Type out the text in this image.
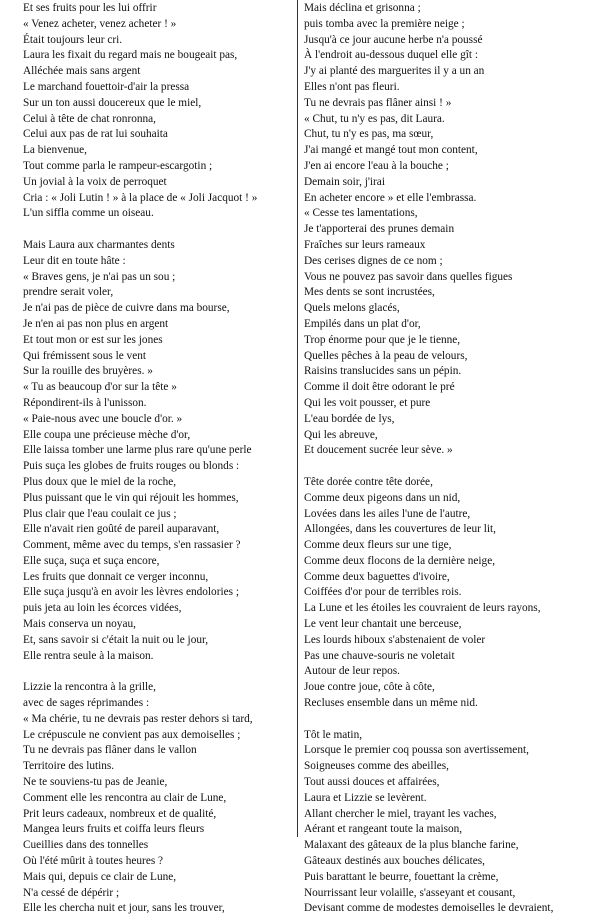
Et ses fruits pour les lui offrir
« Venez acheter, venez acheter ! »
Était toujours leur cri.
Laura les fixait du regard mais ne bougeait pas,
Alléchée mais sans argent
Le marchand fouettoir-d'air la pressa
Sur un ton aussi doucereux que le miel,
Celui à tête de chat ronronna,
Celui aux pas de rat lui souhaita
La bienvenue,
Tout comme parla le rampeur-escargotin ;
Un jovial à la voix de perroquet
Cria : « Joli Lutin ! » à la place de « Joli Jacquot ! »
L'un siffla comme un oiseau.
Mais Laura aux charmantes dents
Leur dit en toute hâte :
« Braves gens, je n'ai pas un sou ;
prendre serait voler,
Je n'ai pas de pièce de cuivre dans ma bourse,
Je n'en ai pas non plus en argent
Et tout mon or est sur les jones
Qui frémissent sous le vent
Sur la rouille des bruyères. »
« Tu as beaucoup d'or sur la tête »
Répondirent-ils à l'unisson.
« Paie-nous avec une boucle d'or. »
Elle coupa une précieuse mèche d'or,
Elle laissa tomber une larme plus rare qu'une perle
Puis suça les globes de fruits rouges ou blonds :
Plus doux que le miel de la roche,
Plus puissant que le vin qui réjouit les hommes,
Plus clair que l'eau coulait ce jus ;
Elle n'avait rien goûté de pareil auparavant,
Comment, même avec du temps, s'en rassasier ?
Elle suça, suça et suça encore,
Les fruits que donnait ce verger inconnu,
Elle suça jusqu'à en avoir les lèvres endolories ;
puis jeta au loin les écorces vidées,
Mais conserva un noyau,
Et, sans savoir si c'était la nuit ou le jour,
Elle rentra seule à la maison.
Lizzie la rencontra à la grille,
avec de sages réprimandes :
« Ma chérie, tu ne devrais pas rester dehors si tard,
Le crépuscule ne convient pas aux demoiselles ;
Tu ne devrais pas flâner dans le vallon
Territoire des lutins.
Ne te souviens-tu pas de Jeanie,
Comment elle les rencontra au clair de Lune,
Prit leurs cadeaux, nombreux et de qualité,
Mangea leurs fruits et coiffa leurs fleurs
Cueillies dans des tonnelles
Où l'été mûrit à toutes heures ?
Mais qui, depuis ce clair de Lune,
N'a cessé de dépérir ;
Elle les chercha nuit et jour, sans les trouver,
Mais déclina et grisonna ;
puis tomba avec la première neige ;
Jusqu'à ce jour aucune herbe n'a poussé
À l'endroit au-dessous duquel elle gît :
J'y ai planté des marguerites il y a un an
Elles n'ont pas fleuri.
Tu ne devrais pas flâner ainsi ! »
« Chut, tu n'y es pas, dit Laura.
Chut, tu n'y es pas, ma sœur,
J'ai mangé et mangé tout mon content,
J'en ai encore l'eau à la bouche ;
Demain soir, j'irai
En acheter encore » et elle l'embrassa.
« Cesse tes lamentations,
Je t'apporterai des prunes demain
Fraîches sur leurs rameaux
Des cerises dignes de ce nom ;
Vous ne pouvez pas savoir dans quelles figues
Mes dents se sont incrustées,
Quels melons glacés,
Empilés dans un plat d'or,
Trop énorme pour que je le tienne,
Quelles pêches à la peau de velours,
Raisins translucides sans un pépin.
Comme il doit être odorant le pré
Qui les voit pousser, et pure
L'eau bordée de lys,
Qui les abreuve,
Et doucement sucrée leur sève. »
Tête dorée contre tête dorée,
Comme deux pigeons dans un nid,
Lovées dans les ailes l'une de l'autre,
Allongées, dans les couvertures de leur lit,
Comme deux fleurs sur une tige,
Comme deux flocons de la dernière neige,
Comme deux baguettes d'ivoire,
Coiffées d'or pour de terribles rois.
La Lune et les étoiles les couvraient de leurs rayons,
Le vent leur chantait une berceuse,
Les lourds hiboux s'abstenaient de voler
Pas une chauve-souris ne voletait
Autour de leur repos.
Joue contre joue, côte à côte,
Recluses ensemble dans un même nid.
Tôt le matin,
Lorsque le premier coq poussa son avertissement,
Soigneuses comme des abeilles,
Tout aussi douces et affairées,
Laura et Lizzie se levèrent.
Allant chercher le miel, trayant les vaches,
Aérant et rangeant toute la maison,
Malaxant des gâteaux de la plus blanche farine,
Gâteaux destinés aux bouches délicates,
Puis barattant le beurre, fouettant la crème,
Nourrissant leur volaille, s'asseyant et cousant,
Devisant comme de modestes demoiselles le devraient,
